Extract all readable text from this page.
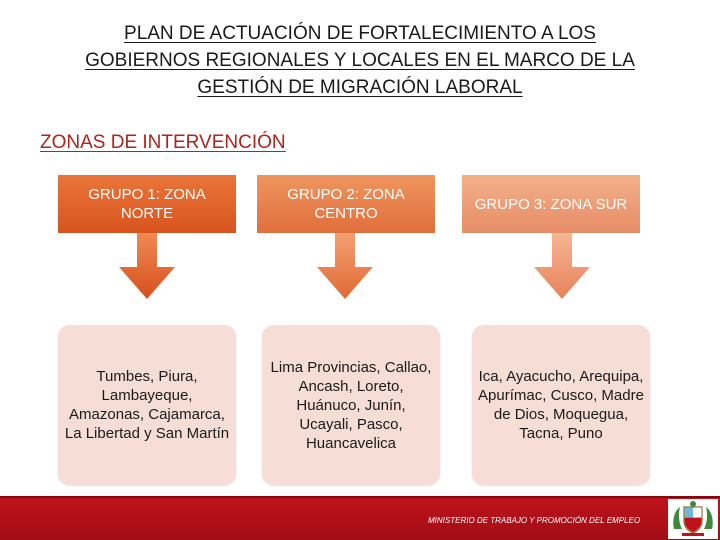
PLAN DE ACTUACIÓN DE FORTALECIMIENTO A LOS
GOBIERNOS REGIONALES Y LOCALES EN EL MARCO DE LA
GESTIÓN DE MIGRACIÓN LABORAL
ZONAS DE INTERVENCIÓN
GRUPO 1: ZONA NORTE
Tumbes, Piura, Lambayeque, Amazonas, Cajamarca, La Libertad y San Martín
GRUPO 2: ZONA CENTRO
Lima Provincias, Callao, Ancash, Loreto, Huánuco, Junín, Ucayali, Pasco, Huancavelica
GRUPO 3: ZONA SUR
Ica, Ayacucho, Arequipa, Apurímac, Cusco, Madre de Dios, Moquegua, Tacna, Puno
MINISTERIO DE TRABAJO Y PROMOCIÓN DEL EMPLEO
